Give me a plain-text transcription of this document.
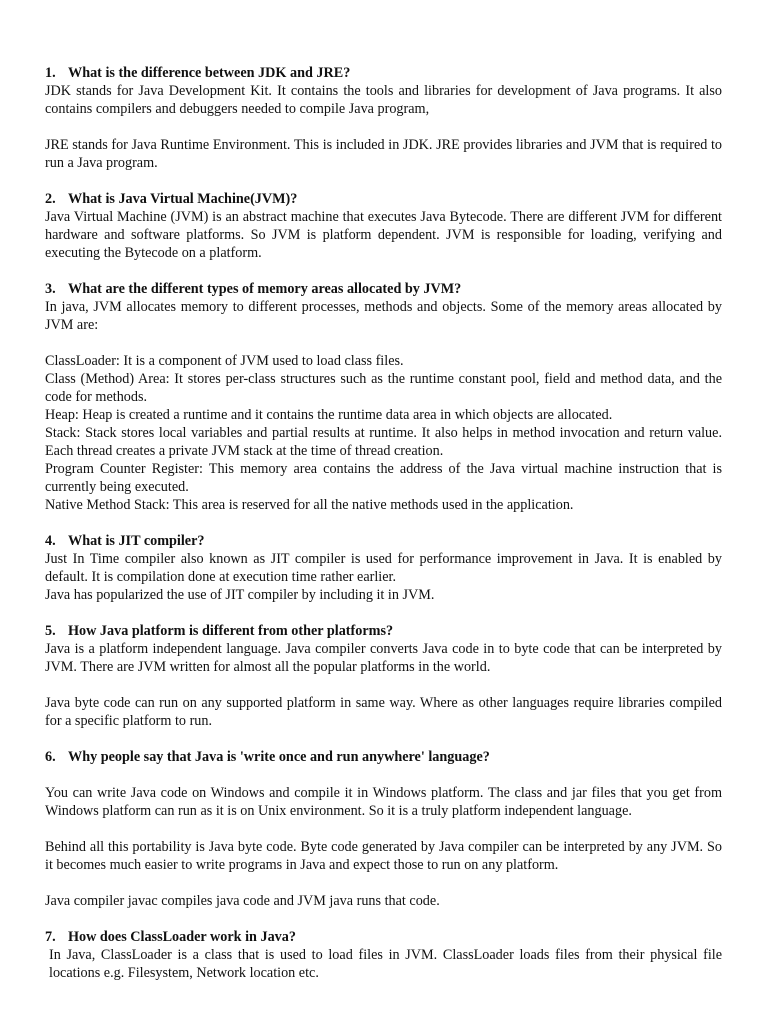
1. What is the difference between JDK and JRE?

JDK stands for Java Development Kit. It contains the tools and libraries for development of Java programs. It also contains compilers and debuggers needed to compile Java program,

JRE stands for Java Runtime Environment. This is included in JDK. JRE provides libraries and JVM that is required to run a Java program.

2. What is Java Virtual Machine(JVM)?

Java Virtual Machine (JVM) is an abstract machine that executes Java Bytecode. There are different JVM for different hardware and software platforms. So JVM is platform dependent. JVM is responsible for loading, verifying and executing the Bytecode on a platform.

3. What are the different types of memory areas allocated by JVM?

In java, JVM allocates memory to different processes, methods and objects. Some of the memory areas allocated by JVM are:

ClassLoader: It is a component of JVM used to load class files.

Class (Method) Area: It stores per-class structures such as the runtime constant pool, field and method data, and the code for methods.

Heap: Heap is created a runtime and it contains the runtime data area in which objects are allocated.

Stack: Stack stores local variables and partial results at runtime. It also helps in method invocation and return value. Each thread creates a private JVM stack at the time of thread creation.

Program Counter Register: This memory area contains the address of the Java virtual machine instruction that is currently being executed.

Native Method Stack: This area is reserved for all the native methods used in the application.

4. What is JIT compiler?

Just In Time compiler also known as JIT compiler is used for performance improvement in Java. It is enabled by default. It is compilation done at execution time rather earlier.

Java has popularized the use of JIT compiler by including it in JVM.

5. How Java platform is different from other platforms?

Java is a platform independent language. Java compiler converts Java code in to byte code that can be interpreted by JVM. There are JVM written for almost all the popular platforms in the world.

Java byte code can run on any supported platform in same way. Where as other languages require libraries compiled for a specific platform to run.

6. Why people say that Java is 'write once and run anywhere' language?

You can write Java code on Windows and compile it in Windows platform. The class and jar files that you get from Windows platform can run as it is on Unix environment. So it is a truly platform independent language.

Behind all this portability is Java byte code. Byte code generated by Java compiler can be interpreted by any JVM. So it becomes much easier to write programs in Java and expect those to run on any platform.

Java compiler javac compiles java code and JVM java runs that code.

7. How does ClassLoader work in Java?

In Java, ClassLoader is a class that is used to load files in JVM. ClassLoader loads files from their physical file locations e.g. Filesystem, Network location etc.
